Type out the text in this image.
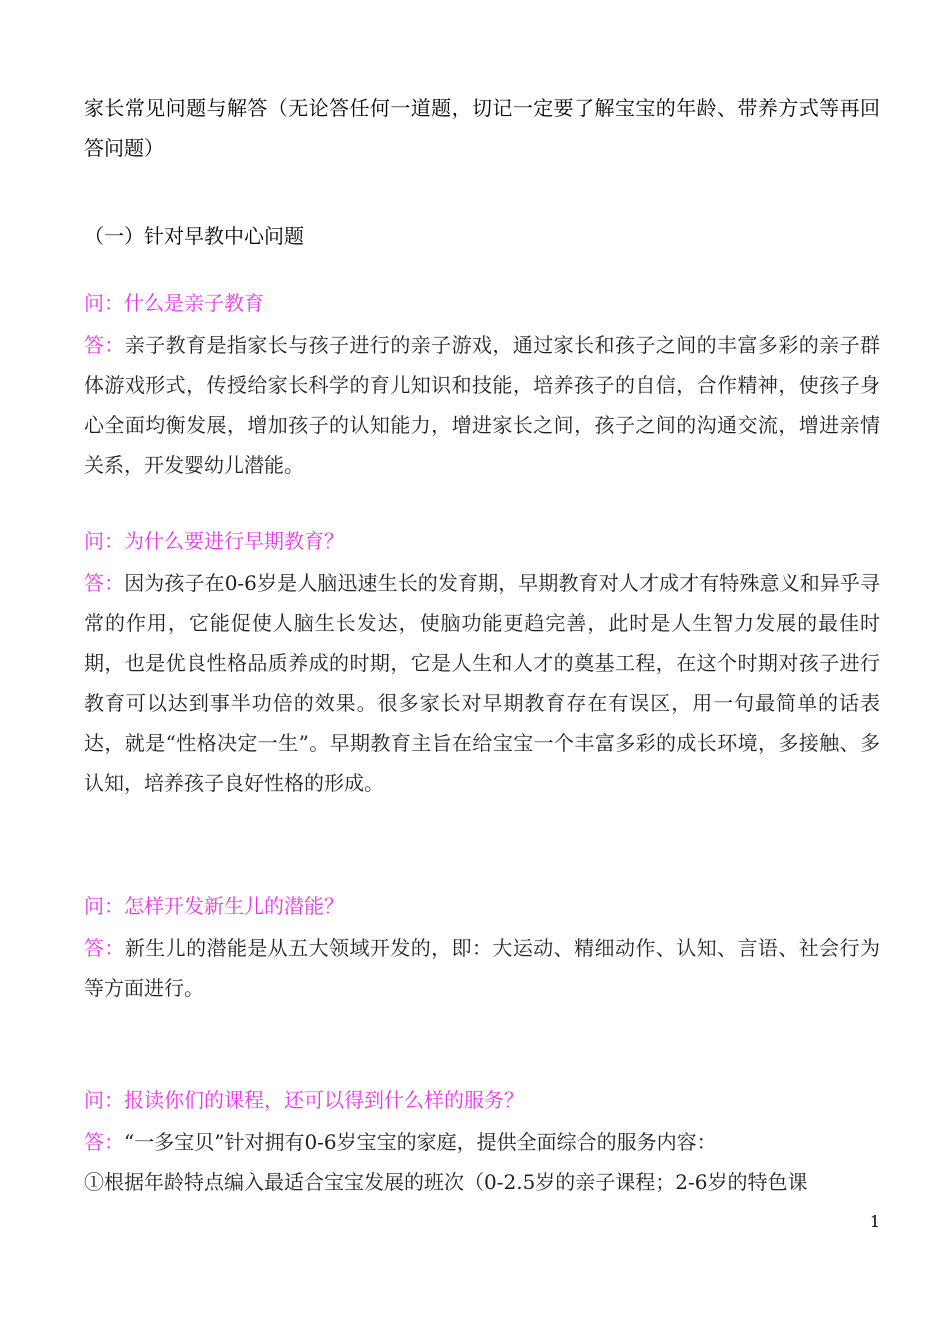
家长常见问题与解答（无论答任何一道题，切记一定要了解宝宝的年龄、带养方式等再回答问题）

（一）针对早教中心问题

问：什么是亲子教育

答：亲子教育是指家长与孩子进行的亲子游戏，通过家长和孩子之间的丰富多彩的亲子群体游戏形式，传授给家长科学的育儿知识和技能，培养孩子的自信，合作精神，使孩子身心全面均衡发展，增加孩子的认知能力，增进家长之间，孩子之间的沟通交流，增进亲情关系，开发婴幼儿潜能。

问：为什么要进行早期教育？

答：因为孩子在0-6岁是人脑迅速生长的发育期，早期教育对人才成才有特殊意义和异乎寻常的作用，它能促使人脑生长发达，使脑功能更趋完善，此时是人生智力发展的最佳时期，也是优良性格品质养成的时期，它是人生和人才的奠基工程，在这个时期对孩子进行教育可以达到事半功倍的效果。很多家长对早期教育存在有误区，用一句最简单的话表达，就是“性格决定一生”。早期教育主旨在给宝宝一个丰富多彩的成长环境，多接触、多认知，培养孩子良好性格的形成。

问：怎样开发新生儿的潜能？

答：新生儿的潜能是从五大领域开发的，即：大运动、精细动作、认知、言语、社会行为等方面进行。

问：报读你们的课程，还可以得到什么样的服务？

答：“一多宝贝”针对拥有0-6岁宝宝的家庭，提供全面综合的服务内容：

①根据年龄特点编入最适合宝宝发展的班次（0-2.5岁的亲子课程；2-6岁的特色课

1
